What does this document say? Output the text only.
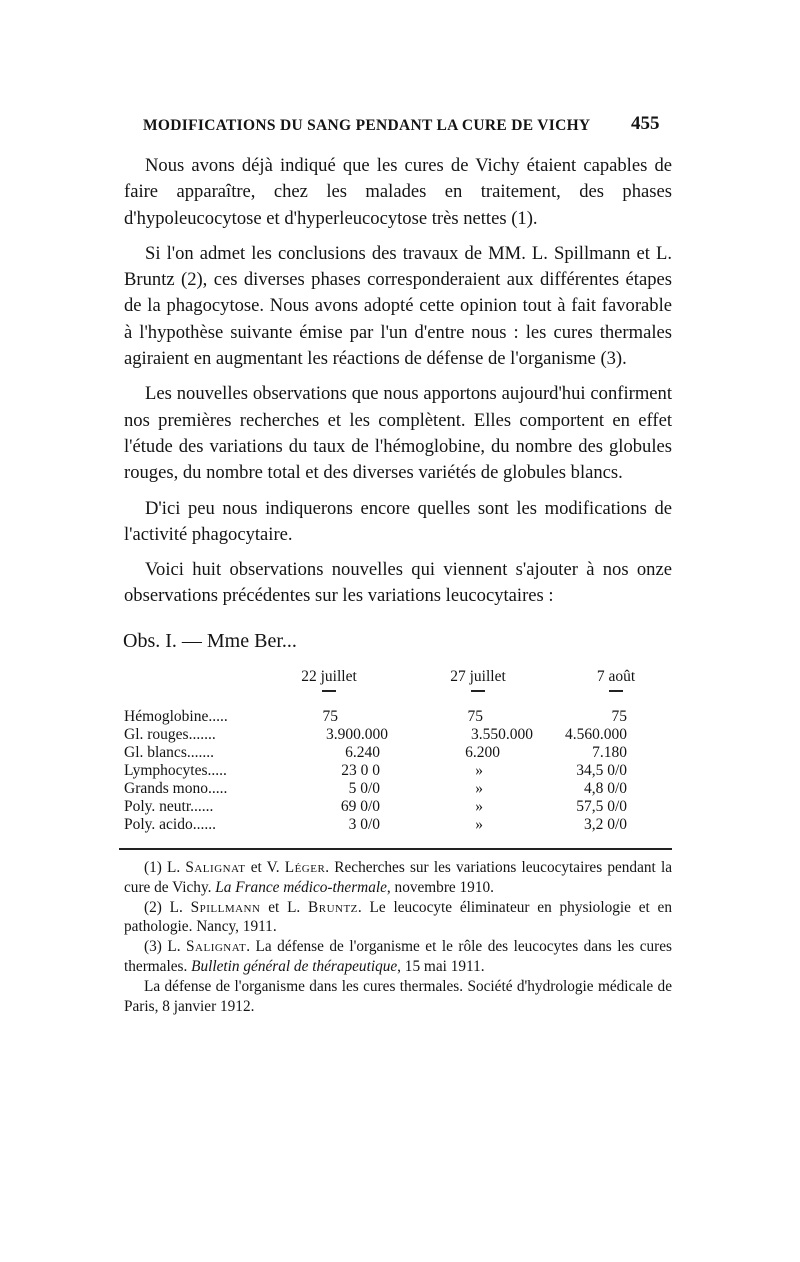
MODIFICATIONS DU SANG PENDANT LA CURE DE VICHY 455

Nous avons déjà indiqué que les cures de Vichy étaient capables de faire apparaître, chez les malades en traitement, des phases d'hypoleucocytose et d'hyperleucocytose très nettes (1).

Si l'on admet les conclusions des travaux de MM. L. Spillmann et L. Bruntz (2), ces diverses phases corresponderaient aux différentes étapes de la phagocytose. Nous avons adopté cette opinion tout à fait favorable à l'hypothèse suivante émise par l'un d'entre nous : les cures thermales agiraient en augmentant les réactions de défense de l'organisme (3).

Les nouvelles observations que nous apportons aujourd'hui confirment nos premières recherches et les complètent. Elles comportent en effet l'étude des variations du taux de l'hémoglobine, du nombre des globules rouges, du nombre total et des diverses variétés de globules blancs.

D'ici peu nous indiquerons encore quelles sont les modifications de l'activité phagocytaire.

Voici huit observations nouvelles qui viennent s'ajouter à nos onze observations précédentes sur les variations leucocytaires :

Obs. I. — Mme Ber...
22 juillet	27 juillet	7 août
Hémoglobine.....	75	75	75
Gl. rouges.......	3.900.000	3.550.000	4.560.000
Gl. blancs.......	6.240	6.200	7.180
Lymphocytes.....	23 0 0	»	34,5 0/0
Grands mono.....	5 0/0	»	4,8 0/0
Poly. neutr......	69 0/0	»	57,5 0/0
Poly. acido......	3 0/0	»	3,2 0/0

(1) L. Salignat et V. Léger. Recherches sur les variations leucocytaires pendant la cure de Vichy. La France médico-thermale, novembre 1910.

(2) L. Spillmann et L. Bruntz. Le leucocyte éliminateur en physiologie et en pathologie. Nancy, 1911.

(3) L. Salignat. La défense de l'organisme et le rôle des leucocytes dans les cures thermales. Bulletin général de thérapeutique, 15 mai 1911.

La défense de l'organisme dans les cures thermales. Société d'hydrologie médicale de Paris, 8 janvier 1912.
